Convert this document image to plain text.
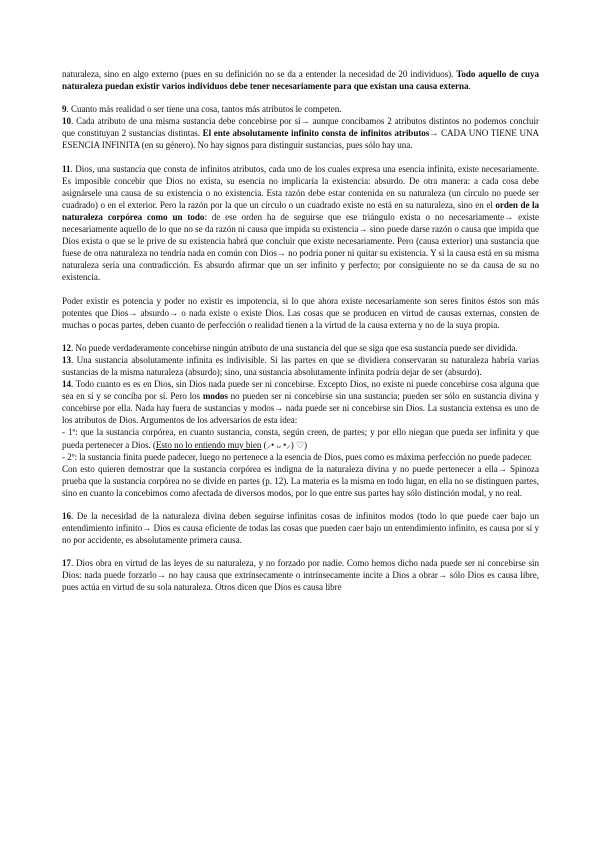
naturaleza, sino en algo externo (pues en su definición no se da a entender la necesidad de 20 individuos). Todo aquello de cuya naturaleza puedan existir varios individuos debe tener necesariamente para que existan una causa externa.

9. Cuanto más realidad o ser tiene una cosa, tantos más atributos le competen.

10. Cada atributo de una misma sustancia debe concebirse por sí→ aunque concibamos 2 atributos distintos no podemos concluir que constituyan 2 sustancias distintas. El ente absolutamente infinito consta de infinitos atributos→ CADA UNO TIENE UNA ESENCIA INFINITA (en su género). No hay signos para distinguir sustancias, pues sólo hay una.

11. Dios, una sustancia que consta de infinitos atributos, cada uno de los cuales expresa una esencia infinita, existe necesariamente. Es imposible concebir que Dios no exista, su esencia no implicaría la existencia: absurdo. De otra manera: a cada cosa debe asignársele una causa de su existencia o no existencia. Esta razón debe estar contenida en su naturaleza (un círculo no puede ser cuadrado) o en el exterior. Pero la razón por la que un círculo o un cuadrado existe no está en su naturaleza, sino en el orden de la naturaleza corpórea como un todo: de ese orden ha de seguirse que ese triángulo exista o no necesariamente→ existe necesariamente aquello de lo que no se da razón ni causa que impida su existencia→ sino puede darse razón o causa que impida que Dios exista o que se le prive de su existencia habrá que concluir que existe necesariamente. Pero (causa exterior) una sustancia que fuese de otra naturaleza no tendría nada en común con Dios→ no podría poner ni quitar su existencia. Y si la causa está en su misma naturaleza sería una contradicción. Es absurdo afirmar que un ser infinito y perfecto; por consiguiente no se da causa de su no existencia.

Poder existir es potencia y poder no existir es impotencia, si lo que ahora existe necesariamente son seres finitos éstos son más potentes que Dios→ absurdo→ o nada existe o existe Dios. Las cosas que se producen en virtud de causas externas, consten de muchas o pocas partes, deben cuanto de perfección o realidad tienen a la virtud de la causa externa y no de la suya propia.

12. No puede verdaderamente concebirse ningún atributo de una sustancia del que se siga que esa sustancia puede ser dividida.

13. Una sustancia absolutamente infinita es indivisible. Si las partes en que se dividiera conservaran su naturaleza habría varias sustancias de la misma naturaleza (absurdo); sino, una sustancia absolutamente infinita podría dejar de ser (absurdo).

14. Todo cuanto es es en Dios, sin Dios nada puede ser ni concebirse. Excepto Dios, no existe ni puede concebirse cosa alguna que sea en sí y se conciba por sí. Pero los modos no pueden ser ni concebirse sin una sustancia; pueden ser sólo en sustancia divina y concebirse por ella. Nada hay fuera de sustancias y modos→ nada puede ser ni concebirse sin Dios. La sustancia extensa es uno de los atributos de Dios. Argumentos de los adversarios de esta idea:

- 1º: que la sustancia corpórea, en cuanto sustancia, consta, según creen, de partes; y por ello niegan que pueda ser infinita y que pueda pertenecer a Dios. (Esto no lo entiendo muy bien (⸝• ᴗ •⸝) ♡)

- 2º: la sustancia finita puede padecer, luego no pertenece a la esencia de Dios, pues como es máxima perfección no puede padecer.

Con esto quieren demostrar que la sustancia corpórea es indigna de la naturaleza divina y no puede pertenecer a ella→ Spinoza prueba que la sustancia corpórea no se divide en partes (p. 12). La materia es la misma en todo lugar, en ella no se distinguen partes, sino en cuanto la concebimos como afectada de diversos modos, por lo que entre sus partes hay sólo distinción modal, y no real.

16. De la necesidad de la naturaleza divina deben seguirse infinitas cosas de infinitos modos (todo lo que puede caer bajo un entendimiento infinito→ Dios es causa eficiente de todas las cosas que pueden caer bajo un entendimiento infinito, es causa por sí y no por accidente, es absolutamente primera causa.

17. Dios obra en virtud de las leyes de su naturaleza, y no forzado por nadie. Como hemos dicho nada puede ser ni concebirse sin Dios: nada puede forzarlo→ no hay causa que extrínsecamente o intrínsecamente incite a Dios a obrar→ sólo Dios es causa libre, pues actúa en virtud de su sola naturaleza. Otros dicen que Dios es causa libre
